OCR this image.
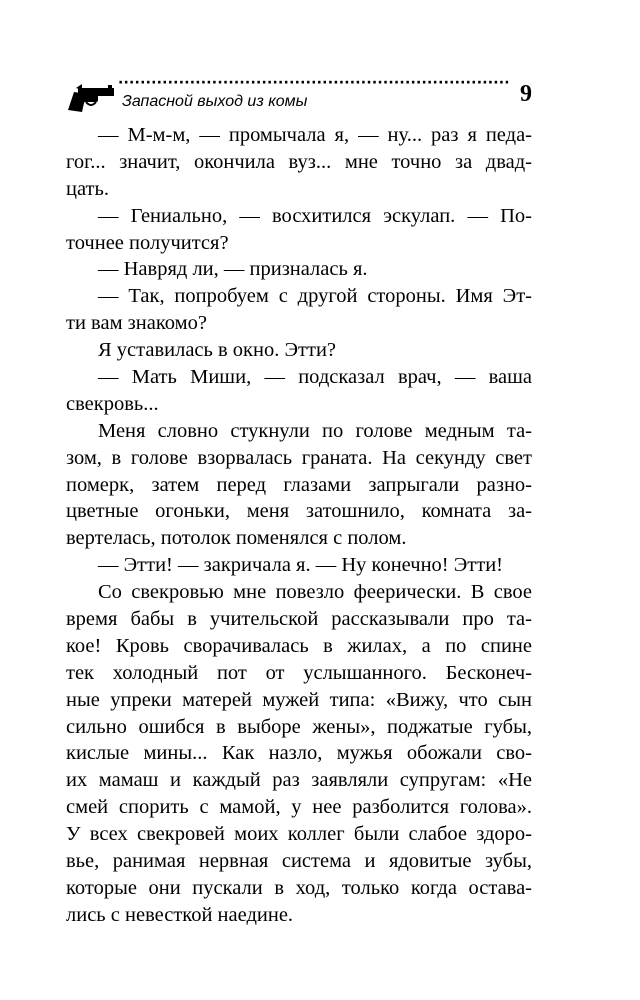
·······································································
Запасной выход из комы	9
— М-м-м, — промычала я, — ну... раз я педа-
гог... значит, окончила вуз... мне точно за двад-
цать.
— Гениально, — восхитился эскулап. — По-
точнее получится?
— Навряд ли, — призналась я.
— Так, попробуем с другой стороны. Имя Эт-
ти вам знакомо?
Я уставилась в окно. Этти?
— Мать Миши, — подсказал врач, — ваша
свекровь...
Меня словно стукнули по голове медным та-
зом, в голове взорвалась граната. На секунду свет
померк, затем перед глазами запрыгали разно-
цветные огоньки, меня затошнило, комната за-
вертелась, потолок поменялся с полом.
— Этти! — закричала я. — Ну конечно! Этти!
Со свекровью мне повезло феерически. В свое
время бабы в учительской рассказывали про та-
кое! Кровь сворачивалась в жилах, а по спине
тек холодный пот от услышанного. Бесконеч-
ные упреки матерей мужей типа: «Вижу, что сын
сильно ошибся в выборе жены», поджатые губы,
кислые мины... Как назло, мужья обожали сво-
их мамаш и каждый раз заявляли супругам: «Не
смей спорить с мамой, у нее разболится голова».
У всех свекровей моих коллег были слабое здоро-
вье, ранимая нервная система и ядовитые зубы,
которые они пускали в ход, только когда остава-
лись с невесткой наедине.
